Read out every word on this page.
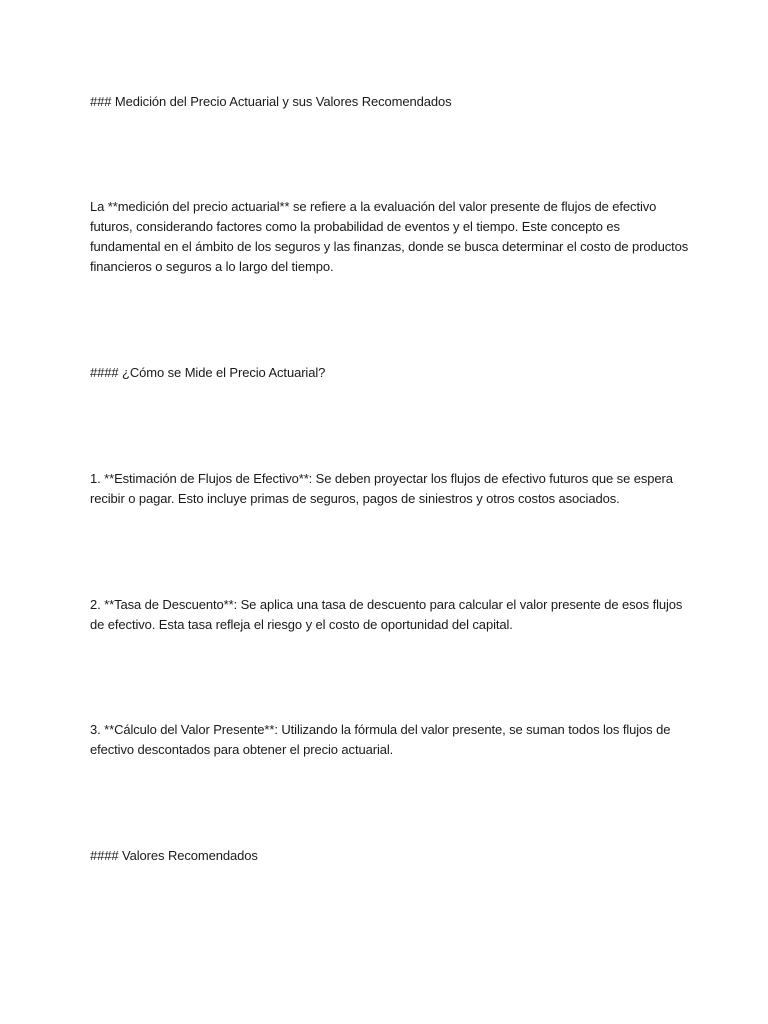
### Medición del Precio Actuarial y sus Valores Recomendados

La **medición del precio actuarial** se refiere a la evaluación del valor presente de flujos de efectivo futuros, considerando factores como la probabilidad de eventos y el tiempo. Este concepto es fundamental en el ámbito de los seguros y las finanzas, donde se busca determinar el costo de productos financieros o seguros a lo largo del tiempo.

#### ¿Cómo se Mide el Precio Actuarial?

1. **Estimación de Flujos de Efectivo**: Se deben proyectar los flujos de efectivo futuros que se espera recibir o pagar. Esto incluye primas de seguros, pagos de siniestros y otros costos asociados.

2. **Tasa de Descuento**: Se aplica una tasa de descuento para calcular el valor presente de esos flujos de efectivo. Esta tasa refleja el riesgo y el costo de oportunidad del capital.

3. **Cálculo del Valor Presente**: Utilizando la fórmula del valor presente, se suman todos los flujos de efectivo descontados para obtener el precio actuarial.

#### Valores Recomendados
